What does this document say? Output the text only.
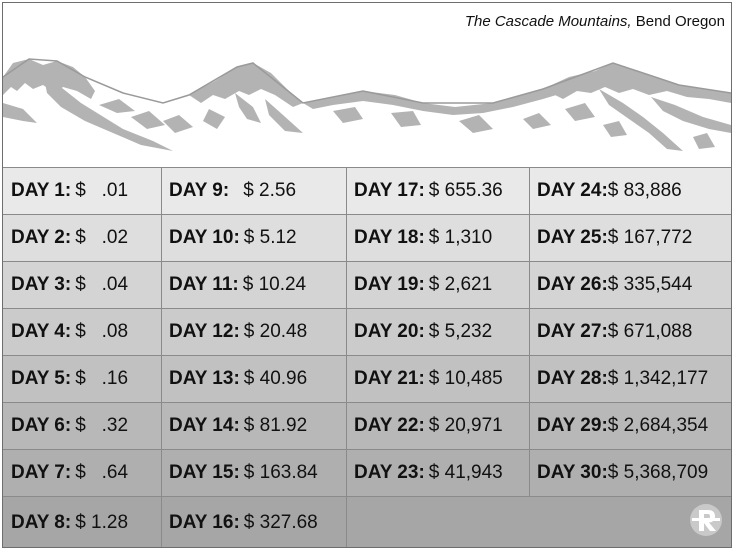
The Cascade Mountains, Bend Oregon
DAY 1: $   .01 DAY 9: $ 2.56	DAY 17: $ 655.36 DAY 24: $ 83,886
DAY 2: $   .02 DAY 10: $ 5.12	DAY 18: $ 1,310 DAY 25: $ 167,772
DAY 3: $   .04 DAY 11: $ 10.24	DAY 19: $ 2,621 DAY 26: $ 335,544
DAY 4: $   .08 DAY 12: $ 20.48 DAY 20: $ 5,232 DAY 27: $ 671,088
DAY 5: $   .16 DAY 13: $ 40.96 DAY 21: $ 10,485 DAY 28: $ 1,342,177
DAY 6: $   .32 DAY 14: $ 81.92 DAY 22: $ 20,971 DAY 29: $ 2,684,354
DAY 7: $   .64 DAY 15: $ 163.84 DAY 23: $ 41,943 DAY 30: $ 5,368,709
DAY 8: $ 1.28 DAY 16: $ 327.68
